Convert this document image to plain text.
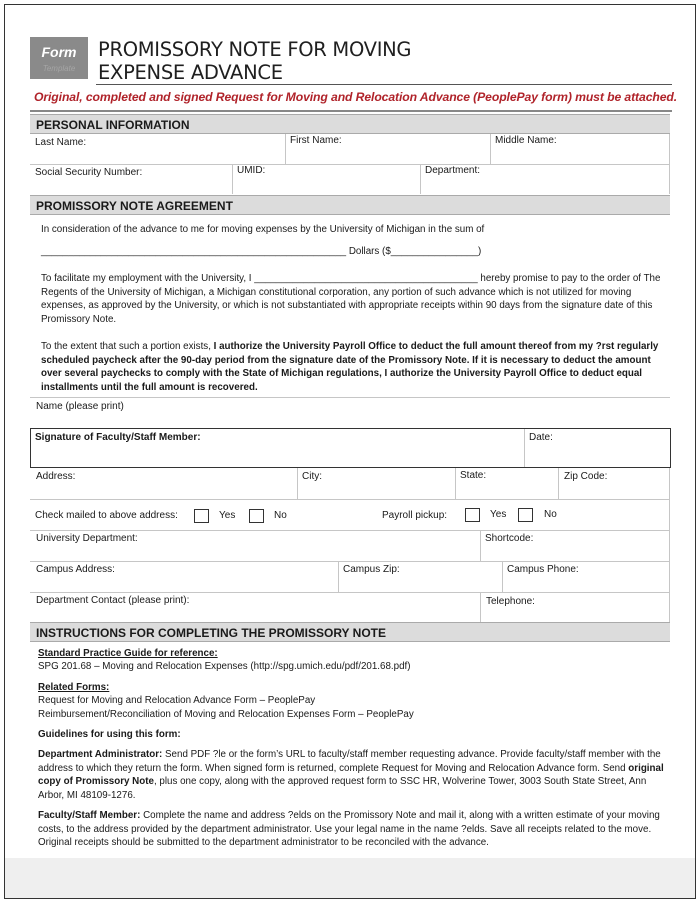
Form
Template
PROMISSORY NOTE FOR MOVING
EXPENSE ADVANCE
Original, completed and signed Request for Moving and Relocation Advance (PeoplePay form) must be attached.
PERSONAL INFORMATION
Last Name:	First Name:	Middle Name:
Social Security Number:	UMID:	Department:
PROMISSORY NOTE AGREEMENT
In consideration of the advance to me for moving expenses by the University of Michigan in the sum of
________________________________________________________ Dollars ($________________)
To facilitate my employment with the University, I _________________________________________ hereby promise to pay to the order of The Regents of the University of Michigan, a Michigan constitutional corporation, any portion of such advance which is not utilized for moving expenses, as approved by the University, or which is not substantiated with appropriate receipts within 90 days from the signature date of this Promissory Note.
To the extent that such a portion exists, I authorize the University Payroll Office to deduct the full amount thereof from my ?rst regularly scheduled paycheck after the 90-day period from the signature date of the Promissory Note. If it is necessary to deduct the amount over several paychecks to comply with the State of Michigan regulations, I authorize the University Payroll Office to deduct equal installments until the full amount is recovered.
Name (please print)
Signature of Faculty/Staff Member:	Date:
Address:	City:	State:	Zip Code:
Check mailed to above address:	Yes	No	Payroll pickup:	Yes	No
University Department:	Shortcode:
Campus Address:	Campus Zip:	Campus Phone:
Department Contact (please print):	Telephone:
INSTRUCTIONS FOR COMPLETING THE PROMISSORY NOTE
Standard Practice Guide for reference:
SPG 201.68 – Moving and Relocation Expenses (http://spg.umich.edu/pdf/201.68.pdf)
Related Forms:
Request for Moving and Relocation Advance Form – PeoplePay
Reimbursement/Reconciliation of Moving and Relocation Expenses Form – PeoplePay
Guidelines for using this form:
Department Administrator: Send PDF ?le or the form’s URL to faculty/staff member requesting advance. Provide faculty/staff member with the address to which they return the form. When signed form is returned, complete Request for Moving and Relocation Advance form. Send original copy of Promissory Note, plus one copy, along with the approved request form to SSC HR, Wolverine Tower, 3003 South State Street, Ann Arbor, MI 48109-1276.
Faculty/Staff Member: Complete the name and address ?elds on the Promissory Note and mail it, along with a written estimate of your moving costs, to the address provided by the department administrator. Use your legal name in the name ?elds. Save all receipts related to the move. Original receipts should be submitted to the department administrator to be reconciled with the advance.
